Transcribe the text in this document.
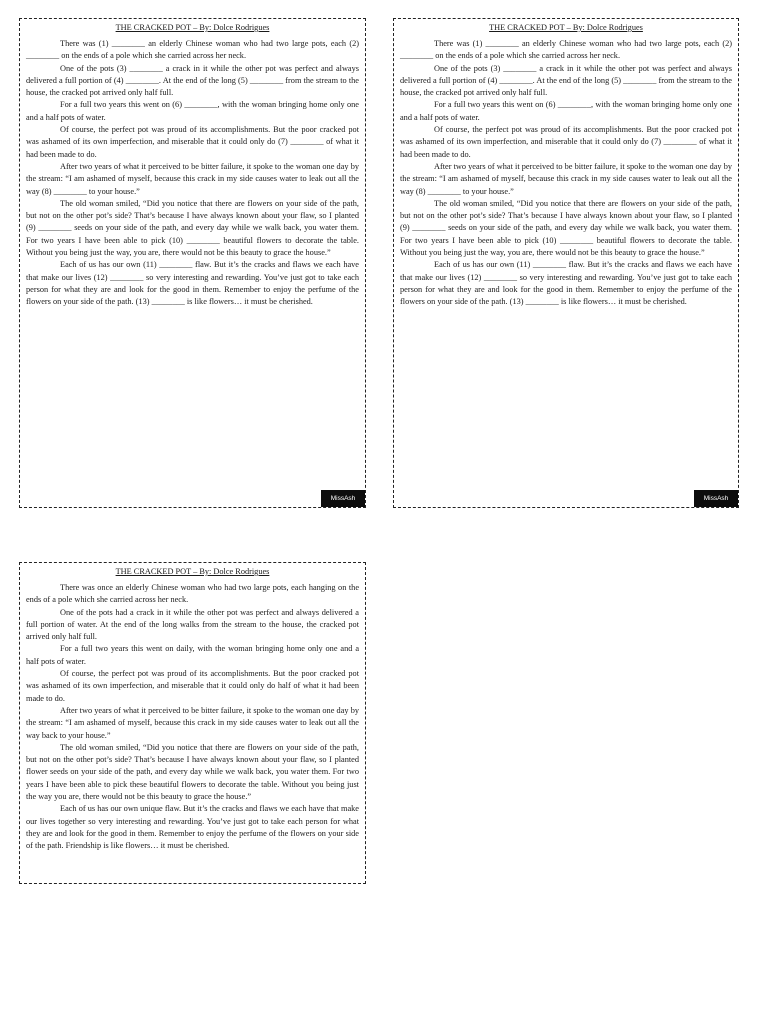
THE CRACKED POT – By: Dolce Rodrigues

There was (1) ________ an elderly Chinese woman who had two large pots, each (2) ________ on the ends of a pole which she carried across her neck.

One of the pots (3) ________ a crack in it while the other pot was perfect and always delivered a full portion of (4) ________. At the end of the long (5) ________ from the stream to the house, the cracked pot arrived only half full.

For a full two years this went on (6) ________, with the woman bringing home only one and a half pots of water.

Of course, the perfect pot was proud of its accomplishments. But the poor cracked pot was ashamed of its own imperfection, and miserable that it could only do (7) ________ of what it had been made to do.

After two years of what it perceived to be bitter failure, it spoke to the woman one day by the stream: “I am ashamed of myself, because this crack in my side causes water to leak out all the way (8) ________ to your house.”

The old woman smiled, “Did you notice that there are flowers on your side of the path, but not on the other pot’s side? That’s because I have always known about your flaw, so I planted (9) ________ seeds on your side of the path, and every day while we walk back, you water them. For two years I have been able to pick (10) ________ beautiful flowers to decorate the table. Without you being just the way, you are, there would not be this beauty to grace the house.”

Each of us has our own (11) ________ flaw. But it’s the cracks and flaws we each have that make our lives (12) ________ so very interesting and rewarding. You’ve just got to take each person for what they are and look for the good in them. Remember to enjoy the perfume of the flowers on your side of the path. (13) ________ is like flowers… it must be cherished.

MissAsh
THE CRACKED POT – By: Dolce Rodrigues

There was (1) ________ an elderly Chinese woman who had two large pots, each (2) ________ on the ends of a pole which she carried across her neck.

One of the pots (3) ________ a crack in it while the other pot was perfect and always delivered a full portion of (4) ________. At the end of the long (5) ________ from the stream to the house, the cracked pot arrived only half full.

For a full two years this went on (6) ________, with the woman bringing home only one and a half pots of water.

Of course, the perfect pot was proud of its accomplishments. But the poor cracked pot was ashamed of its own imperfection, and miserable that it could only do (7) ________ of what it had been made to do.

After two years of what it perceived to be bitter failure, it spoke to the woman one day by the stream: “I am ashamed of myself, because this crack in my side causes water to leak out all the way (8) ________ to your house.”

The old woman smiled, “Did you notice that there are flowers on your side of the path, but not on the other pot’s side? That’s because I have always known about your flaw, so I planted (9) ________ seeds on your side of the path, and every day while we walk back, you water them. For two years I have been able to pick (10) ________ beautiful flowers to decorate the table. Without you being just the way, you are, there would not be this beauty to grace the house.”

Each of us has our own (11) ________ flaw. But it’s the cracks and flaws we each have that make our lives (12) ________ so very interesting and rewarding. You’ve just got to take each person for what they are and look for the good in them. Remember to enjoy the perfume of the flowers on your side of the path. (13) ________ is like flowers… it must be cherished.

MissAsh
THE CRACKED POT – By: Dolce Rodrigues

There was once an elderly Chinese woman who had two large pots, each hanging on the ends of a pole which she carried across her neck.

One of the pots had a crack in it while the other pot was perfect and always delivered a full portion of water. At the end of the long walks from the stream to the house, the cracked pot arrived only half full.

For a full two years this went on daily, with the woman bringing home only one and a half pots of water.

Of course, the perfect pot was proud of its accomplishments. But the poor cracked pot was ashamed of its own imperfection, and miserable that it could only do half of what it had been made to do.

After two years of what it perceived to be bitter failure, it spoke to the woman one day by the stream: “I am ashamed of myself, because this crack in my side causes water to leak out all the way back to your house.”

The old woman smiled, “Did you notice that there are flowers on your side of the path, but not on the other pot’s side? That’s because I have always known about your flaw, so I planted flower seeds on your side of the path, and every day while we walk back, you water them. For two years I have been able to pick these beautiful flowers to decorate the table. Without you being just the way you are, there would not be this beauty to grace the house.”

Each of us has our own unique flaw. But it’s the cracks and flaws we each have that make our lives together so very interesting and rewarding. You’ve just got to take each person for what they are and look for the good in them. Remember to enjoy the perfume of the flowers on your side of the path. Friendship is like flowers… it must be cherished.
